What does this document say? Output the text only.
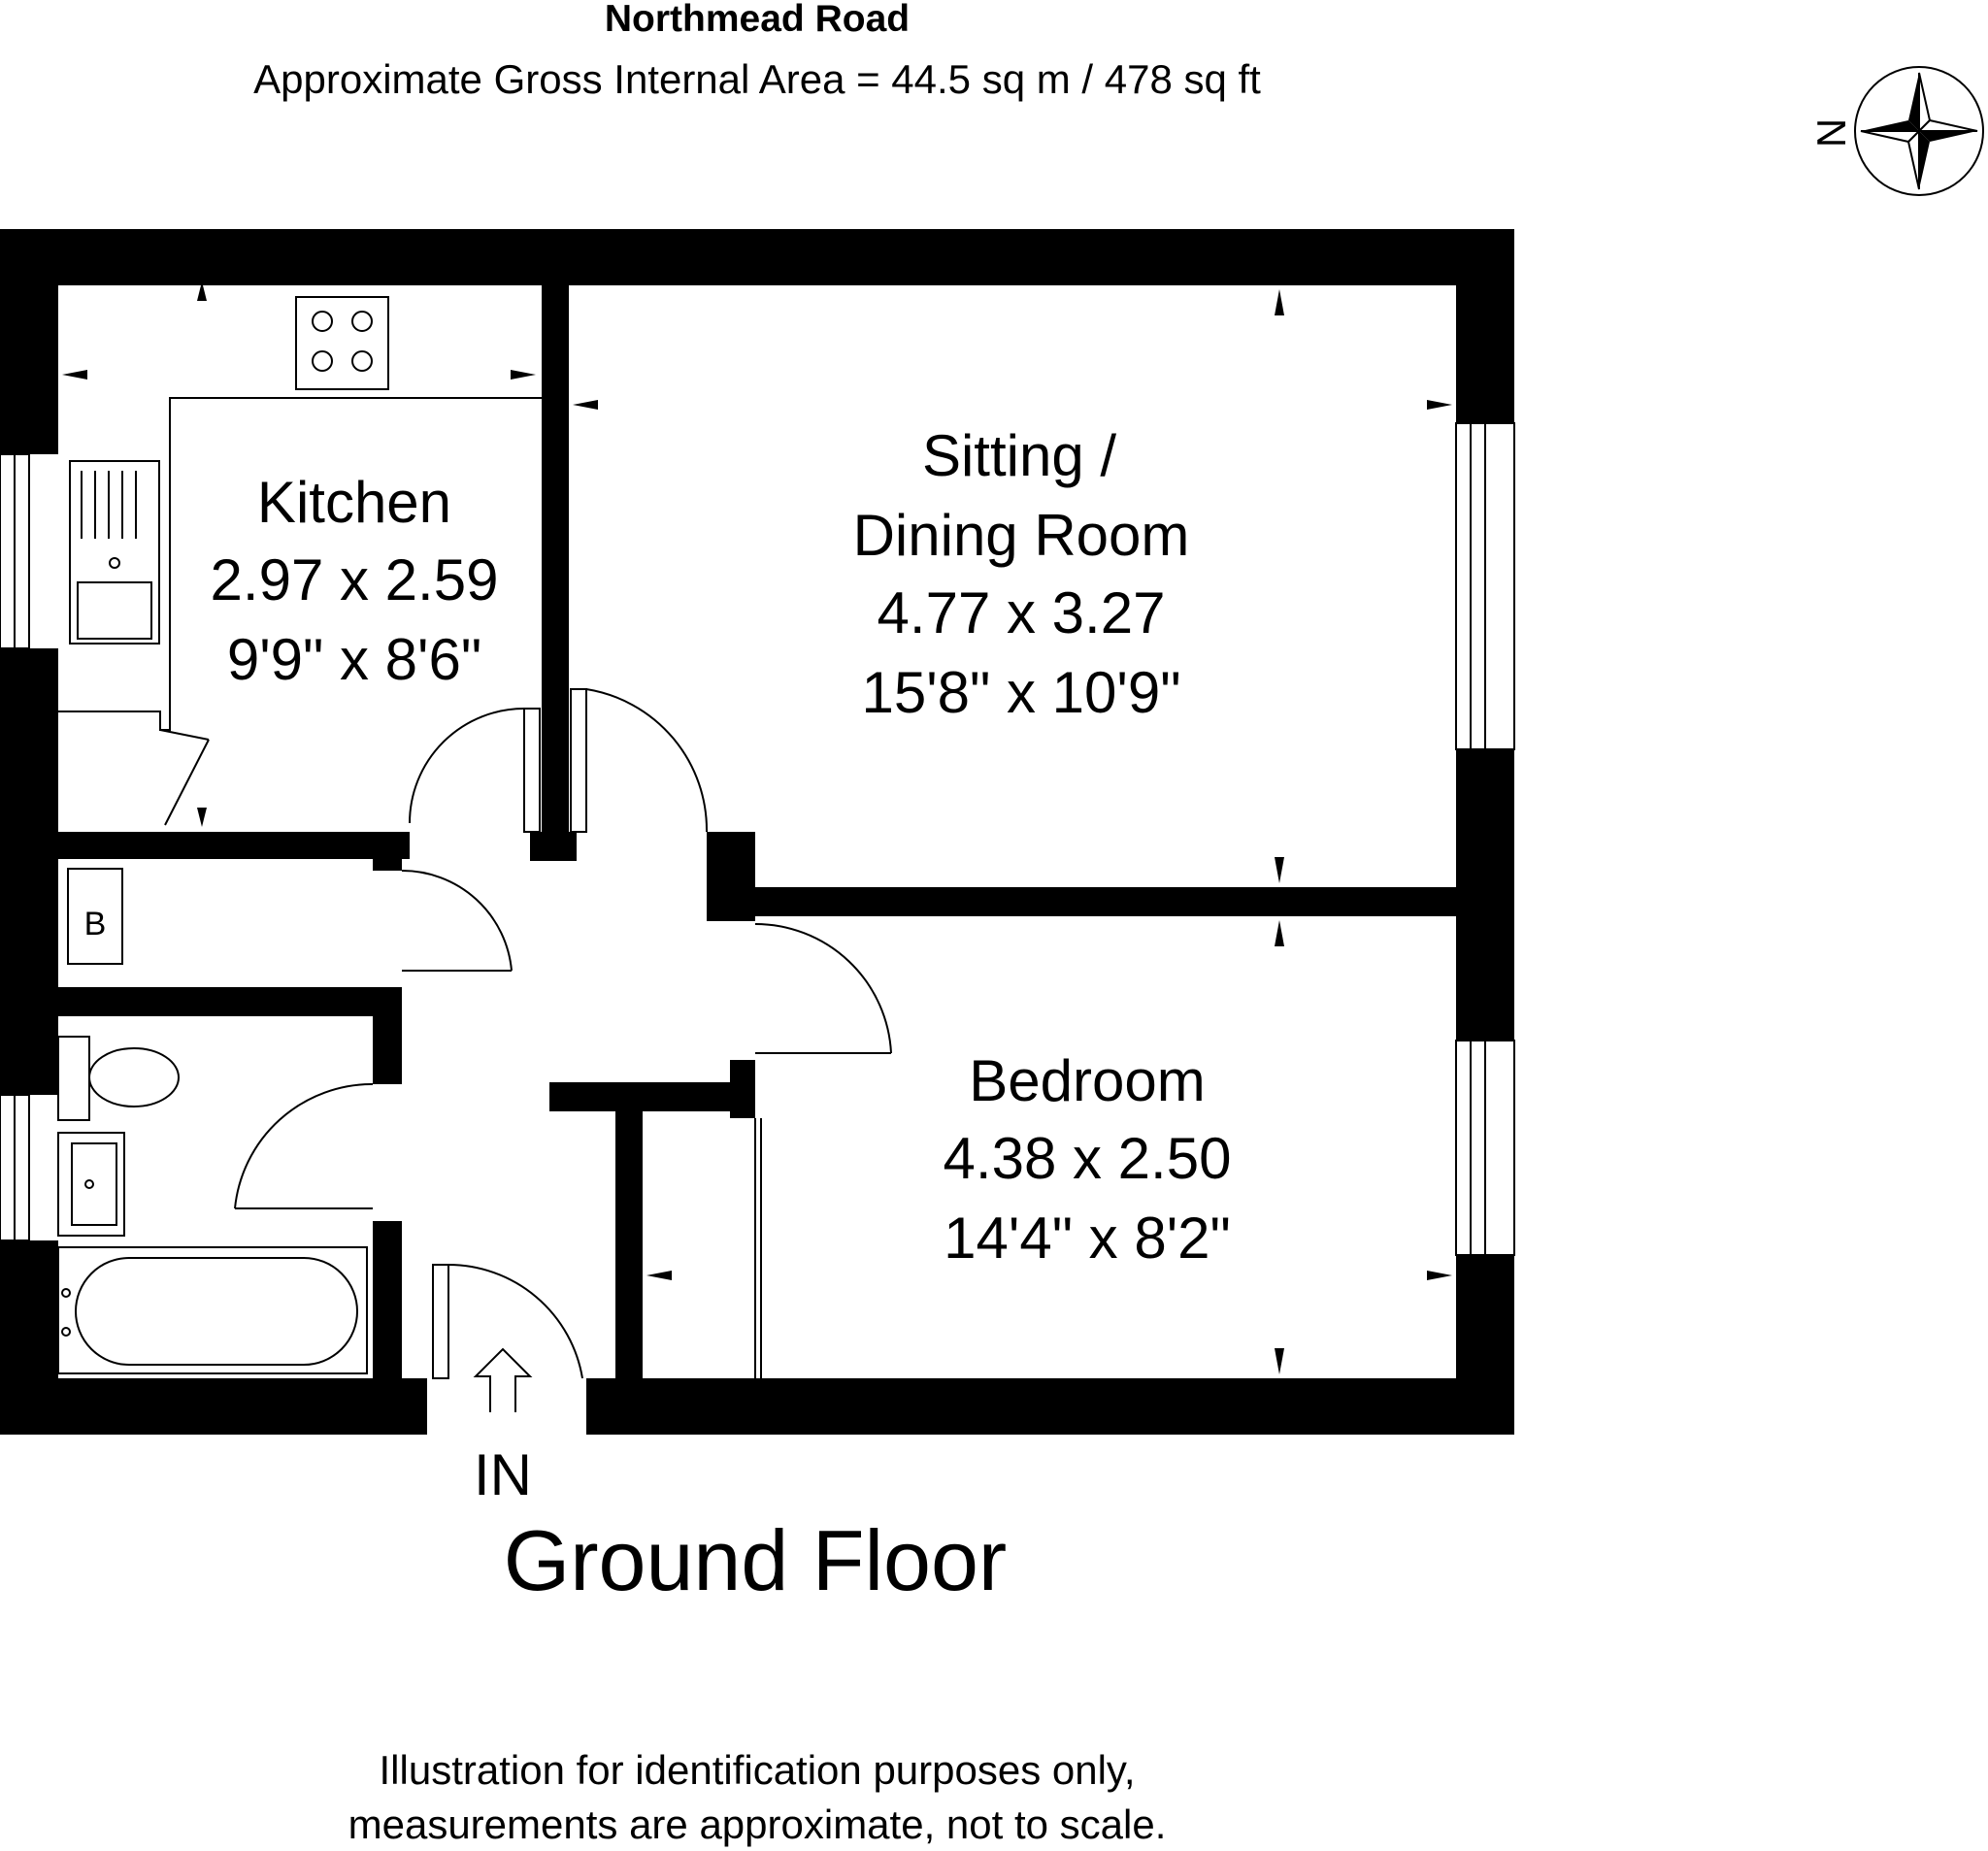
Northmead Road
Approximate Gross Internal Area = 44.5 sq m / 478 sq ft
N
Kitchen
2.97 x 2.59
9'9" x 8'6"
Sitting /
Dining Room
4.77 x 3.27
15'8" x 10'9"
Bedroom
4.38 x 2.50
14'4" x 8'2"
B
IN
Ground Floor
Illustration for identification purposes only,
measurements are approximate, not to scale.
